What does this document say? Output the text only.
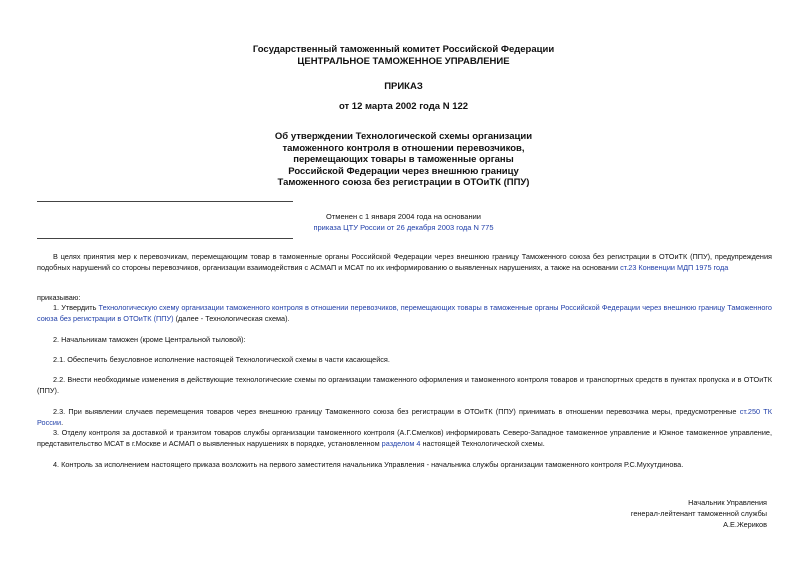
Государственный таможенный комитет Российской Федерации
ЦЕНТРАЛЬНОЕ ТАМОЖЕННОЕ УПРАВЛЕНИЕ
ПРИКАЗ
от 12 марта 2002 года N 122
Об утверждении Технологической схемы организации
таможенного контроля в отношении перевозчиков,
перемещающих товары в таможенные органы
Российской Федерации через внешнюю границу
Таможенного союза без регистрации в ОТОиТК (ППУ)
Отменен с 1 января 2004 года на основании
приказа ЦТУ России от 26 декабря 2003 года N 775
В целях принятия мер к перевозчикам, перемещающим товар в таможенные органы Российской Федерации через внешнюю границу Таможенного союза без регистрации в ОТОиТК (ППУ), предупреждения подобных нарушений со стороны перевозчиков, организации взаимодействия с АСМАП и МСАТ по их информированию о выявленных нарушениях, а также на основании ст.23 Конвенции МДП 1975 года
приказываю:
1. Утвердить Технологическую схему организации таможенного контроля в отношении перевозчиков, перемещающих товары в таможенные органы Российской Федерации через внешнюю границу Таможенного союза без регистрации в ОТОиТК (ППУ) (далее - Технологическая схема).
2. Начальникам таможен (кроме Центральной тыловой):
2.1. Обеспечить безусловное исполнение настоящей Технологической схемы в части касающейся.
2.2. Внести необходимые изменения в действующие технологические схемы по организации таможенного оформления и таможенного контроля товаров и транспортных средств в пунктах пропуска и в ОТОиТК (ППУ).
2.3. При выявлении случаев перемещения товаров через внешнюю границу Таможенного союза без регистрации в ОТОиТК (ППУ) принимать в отношении перевозчика меры, предусмотренные ст.250 ТК России.
3. Отделу контроля за доставкой и транзитом товаров службы организации таможенного контроля (А.Г.Смелков) информировать Северо-Западное таможенное управление и Южное таможенное управление, представительство МСАТ в г.Москве и АСМАП о выявленных нарушениях в порядке, установленном разделом 4 настоящей Технологической схемы.
4. Контроль за исполнением настоящего приказа возложить на первого заместителя начальника Управления - начальника службы организации таможенного контроля Р.С.Мухутдинова.
Начальник Управления
генерал-лейтенант таможенной службы
А.Е.Жериков
